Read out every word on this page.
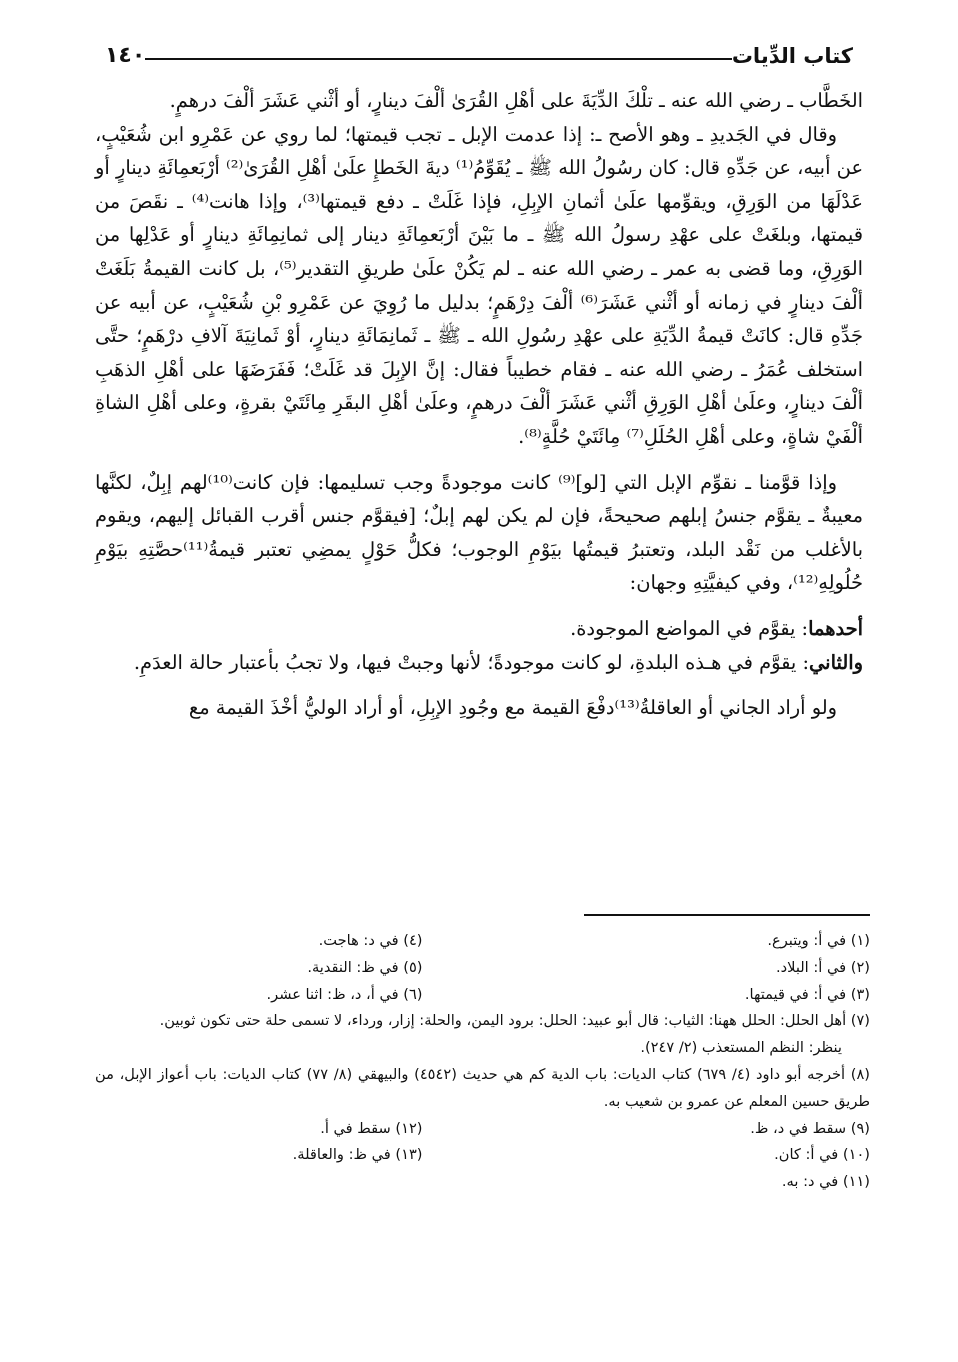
كتاب الدِّيات
١٤٠

الخَطَّاب ـ رضي الله عنه ـ تلْكَ الدِّيَةَ على أهْلِ القُرَىٰ ألْفَ دينارٍ، أو أثْني عَشَرَ ألْفَ درهمٍ.

وقال في الجَديدِ ـ وهو الأصح ـ: إذا عدمت الإبل ـ تجب قيمتها؛ لما روي عن عَمْرِو ابن شُعَيْبٍ، عن أبيه، عن جَدِّهِ قال: كان رسُولُ الله ﷺ ـ يُقَوِّمُ⁽¹⁾ ديةَ الخَطإِ علَىٰ أهْلِ القُرَىٰ⁽²⁾ أرْبَعمِائَةِ دينارٍ أو عَدْلَهَا من الوَرِقِ، ويقوِّمها علَىٰ أثمانِ الإبِلِ، فإذا غَلَتْ ـ دفع قيمتها⁽³⁾، وإذا هانت⁽⁴⁾ ـ نقَصَ من قيمتها، وبلغَتْ على عهْدِ رسولُ الله ﷺ ـ ما بَيْنَ أرْبَعمِائَةِ دينار إلى ثمانِمِائَةِ دينارٍ أو عَدْلِها من الوَرِقِ، وما قضى به عمر ـ رضي الله عنه ـ لم يَكُنْ علَىٰ طريقِ التقدير⁽⁵⁾، بل كانت القيمةُ بَلَغَتْ ألْفَ دينارٍ في زمانه أو أثْني عَشَرَ⁽⁶⁾ ألْفَ دِرْهَمٍ؛ بدليل ما رُوِيَ عن عَمْرِو بْنِ شُعَيْبٍ، عن أبيه عن جَدِّهِ قال: كانَتْ قيمةُ الدِّيَةِ على عهْدِ رسُولِ الله ـ ﷺ ـ ثَمانِمَائَةِ دينارٍ، أوْ ثَمانِيَةَ آلافِ درْهَمٍ؛ حتَّى استخلف عُمَرُ ـ رضي الله عنه ـ فقام خطيباً فقال: إنَّ الإبِلَ قد غَلَتْ؛ فَفَرَضَهَا على أهْلِ الذهَبِ ألْفَ دينارٍ، وعلَىٰ أهْلِ الوَرِقِ أثْني عَشَرَ ألْفَ درهمٍ، وعلَىٰ أهْلِ البقَرِ مِائَتَيْ بقرةٍ، وعلى أهْلِ الشاةِ ألْفَيْ شاةٍ، وعلى أهْلِ الحُلَلِ⁽⁷⁾ مِائَتَيْ حُلَّةٍ⁽⁸⁾.

وإذا قوَّمنا ـ نقوِّم الإبل التي [لو]⁽⁹⁾ كانت موجودةً وجب تسليمها: فإن كانت⁽¹⁰⁾لهم إبِلٌ، لكنَّها معيبةٌ ـ يقوَّم جنسُ إبلهم صحيحةً، فإن لم يكن لهم إبلٌ؛ [فيقوَّم جنس أقرب القبائل إليهم، ويقوم بالأغلب من نَقْد البلد، وتعتبرُ قيمتُها بيَوْمِ الوجوب؛ فكلُّ حَوْلٍ يمضِي تعتبر قيمةُ⁽¹¹⁾حصَّتِهِ بيَوْمِ حُلُولِهِ⁽¹²⁾، وفي كيفيَّتِهِ وجهان:

أحدهما: يقوَّم في المواضع الموجودة.

والثاني: يقوَّم في هـذه البلدةِ، لو كانت موجودةً؛ لأنها وجبتْ فيها، ولا تجبُ بأعتبار حالة العدَمِ.

ولو أراد الجاني أو العاقلةُ⁽¹³⁾دفْعَ القيمة مع وجُودِ الإبِلِ، أو أراد الوليُّ أخْذَ القيمة مع

(١) في أ: ويتبرع.
(٤) في د: هاجت.
(٢) في أ: البلاد.
(٥) في ظ: النقدية.
(٣) في أ: في قيمتها.
(٦) في أ، د، ظ: اثنا عشر.
(٧) أهل الحلل: الحلل ههنا: الثياب: قال أبو عبيد: الحلل: برود اليمن، والحلة: إزار، ورداء، لا تسمى حلة حتى تكون ثوبين.
ينظر: النظم المستعذب (٢/ ٢٤٧).
(٨) أخرجه أبو داود (٤/ ٦٧٩) كتاب الديات: باب الدية كم هي حديث (٤٥٤٢) والبيهقي (٨/ ٧٧) كتاب الديات: باب أعواز الإبل، من طريق حسين المعلم عن عمرو بن شعيب به.
(٩) سقط في د، ظ.
(١٢) سقط في أ.
(١٠) في أ: كان.
(١٣) في ظ: والعاقلة.
(١١) في د: به.
